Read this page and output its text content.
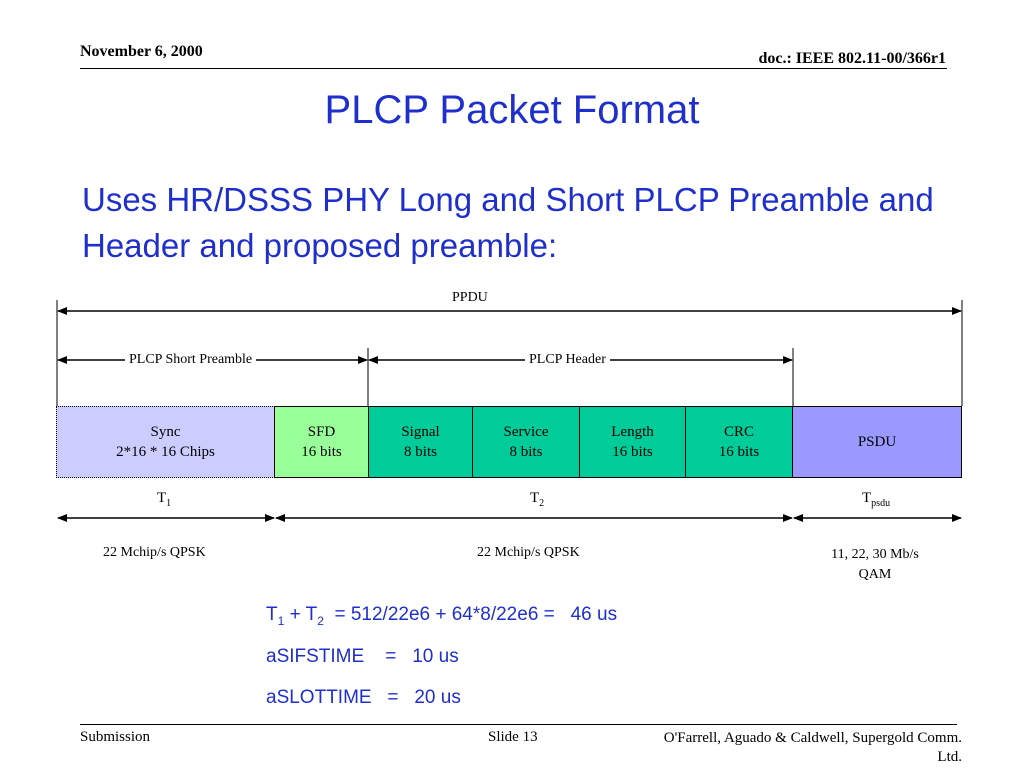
November 6, 2000	doc.: IEEE 802.11-00/366r1
PLCP Packet Format
Uses HR/DSSS PHY Long and Short PLCP Preamble and Header and proposed preamble:
PPDU
PLCP Short Preamble	PLCP Header
Sync
2*16 * 16 Chips
SFD
16 bits
Signal
8 bits
Service
8 bits
Length
16 bits
CRC
16 bits
PSDU
$T_1$	$T_2$	$T_{psdu}$
22 Mchip/s QPSK	22 Mchip/s QPSK	11, 22, 30 Mb/s
QAM
$T_1 + T_2 = 512/22e6 + 64*8/22e6 = 46$ us
aSIFSTIME    =   10 us
aSLOTTIME   =   20 us
Submission	Slide 13	O'Farrell, Aguado & Caldwell, Supergold Comm.
Ltd.
